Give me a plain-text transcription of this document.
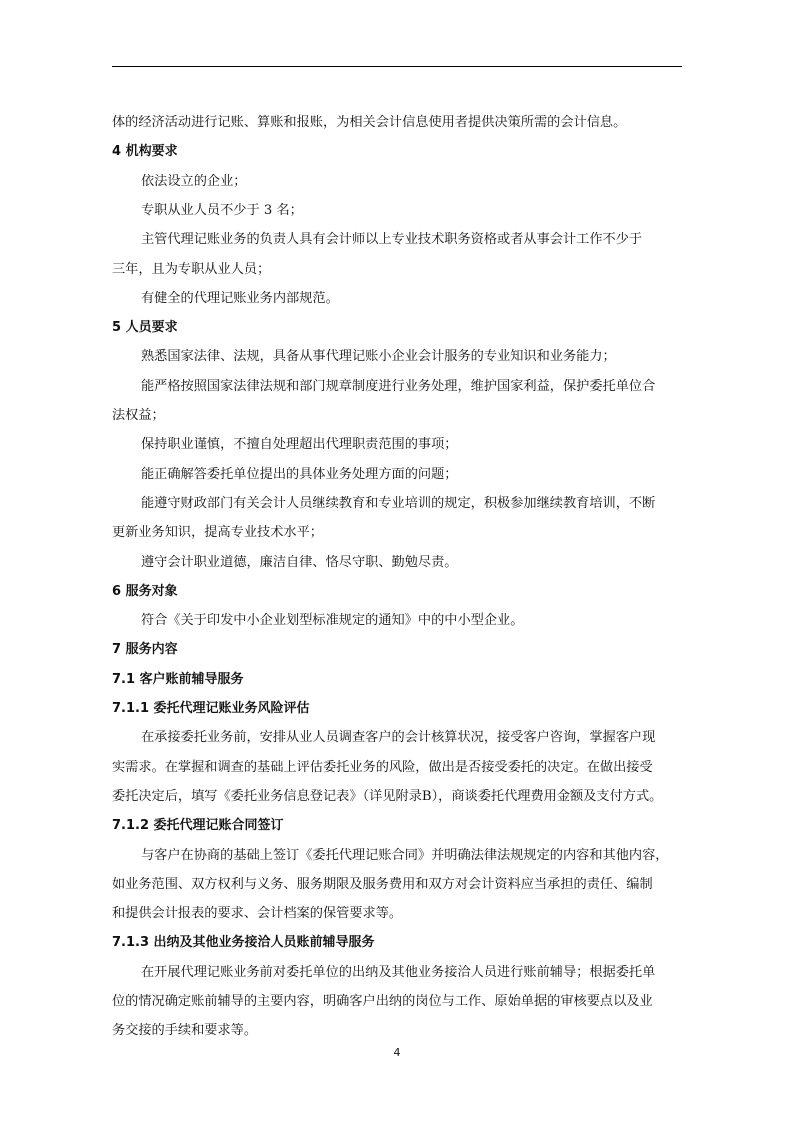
体的经济活动进行记账、算账和报账，为相关会计信息使用者提供决策所需的会计信息。
4 机构要求
依法设立的企业；
专职从业人员不少于 3 名；
主管代理记账业务的负责人具有会计师以上专业技术职务资格或者从事会计工作不少于
三年，且为专职从业人员；
有健全的代理记账业务内部规范。
5 人员要求
熟悉国家法律、法规，具备从事代理记账小企业会计服务的专业知识和业务能力；
能严格按照国家法律法规和部门规章制度进行业务处理，维护国家利益，保护委托单位合
法权益；
保持职业谨慎，不擅自处理超出代理职责范围的事项；
能正确解答委托单位提出的具体业务处理方面的问题；
能遵守财政部门有关会计人员继续教育和专业培训的规定，积极参加继续教育培训，不断
更新业务知识，提高专业技术水平；
遵守会计职业道德，廉洁自律、恪尽守职、勤勉尽责。
6 服务对象
符合《关于印发中小企业划型标准规定的通知》中的中小型企业。
7 服务内容
7.1 客户账前辅导服务
7.1.1 委托代理记账业务风险评估
在承接委托业务前，安排从业人员调查客户的会计核算状况，接受客户咨询，掌握客户现
实需求。在掌握和调查的基础上评估委托业务的风险，做出是否接受委托的决定。在做出接受
委托决定后，填写《委托业务信息登记表》（详见附录B），商谈委托代理费用金额及支付方式。
7.1.2 委托代理记账合同签订
与客户在协商的基础上签订《委托代理记账合同》并明确法律法规规定的内容和其他内容，
如业务范围、双方权利与义务、服务期限及服务费用和双方对会计资料应当承担的责任、编制
和提供会计报表的要求、会计档案的保管要求等。
7.1.3 出纳及其他业务接洽人员账前辅导服务
在开展代理记账业务前对委托单位的出纳及其他业务接洽人员进行账前辅导；根据委托单
位的情况确定账前辅导的主要内容，明确客户出纳的岗位与工作、原始单据的审核要点以及业
务交接的手续和要求等。
4
